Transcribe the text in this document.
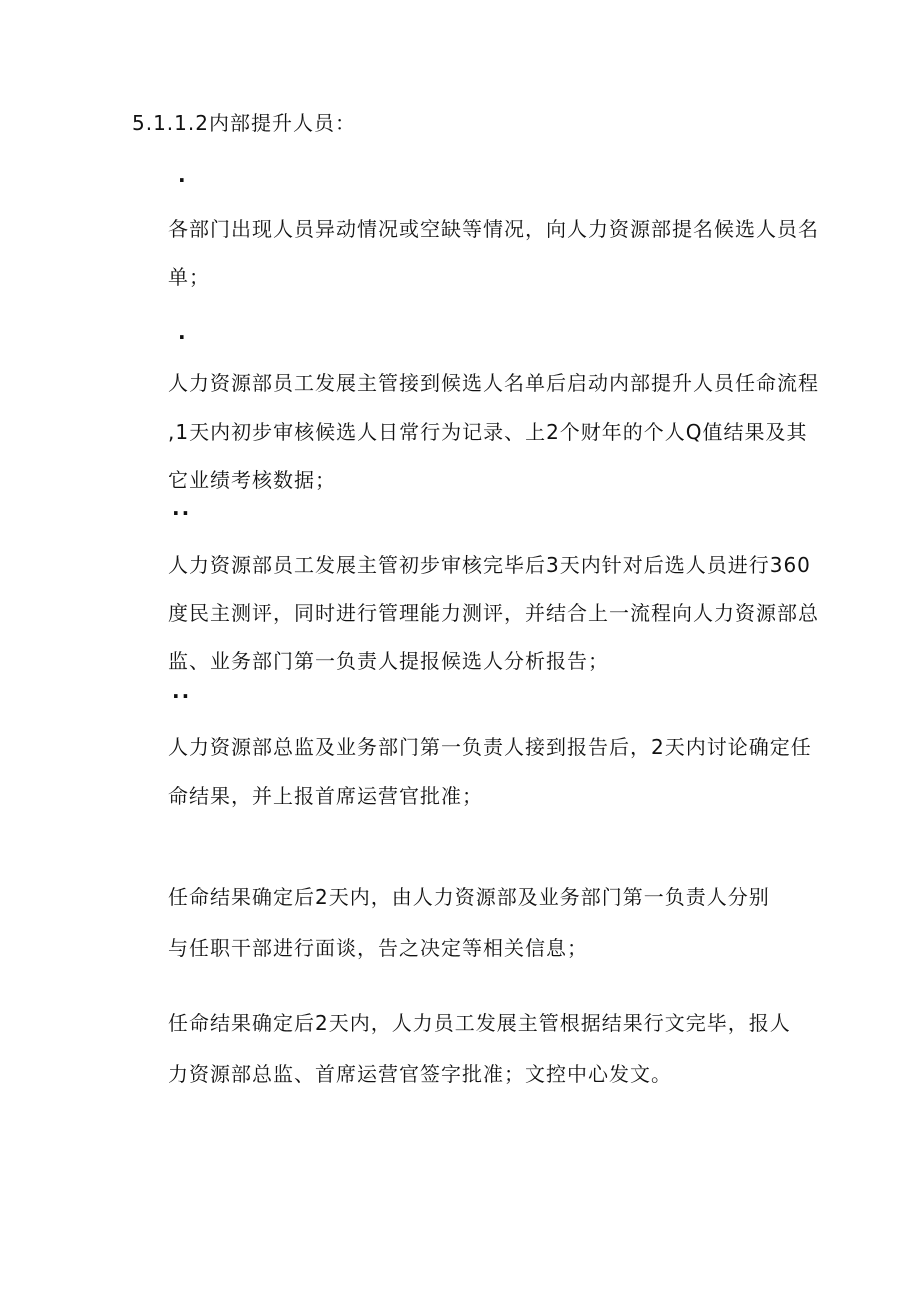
5.1.1.2内部提升人员：
·
各部门出现人员异动情况或空缺等情况，向人力资源部提名候选人员名
单；
·
人力资源部员工发展主管接到候选人名单后启动内部提升人员任命流程
,1天内初步审核候选人日常行为记录、上2个财年的个人Q值结果及其
它业绩考核数据；
··
人力资源部员工发展主管初步审核完毕后3天内针对后选人员进行360
度民主测评，同时进行管理能力测评，并结合上一流程向人力资源部总
监、业务部门第一负责人提报候选人分析报告；
··
人力资源部总监及业务部门第一负责人接到报告后，2天内讨论确定任
命结果，并上报首席运营官批准；
任命结果确定后2天内，由人力资源部及业务部门第一负责人分别
与任职干部进行面谈，告之决定等相关信息；
任命结果确定后2天内，人力员工发展主管根据结果行文完毕，报人
力资源部总监、首席运营官签字批准；文控中心发文。
